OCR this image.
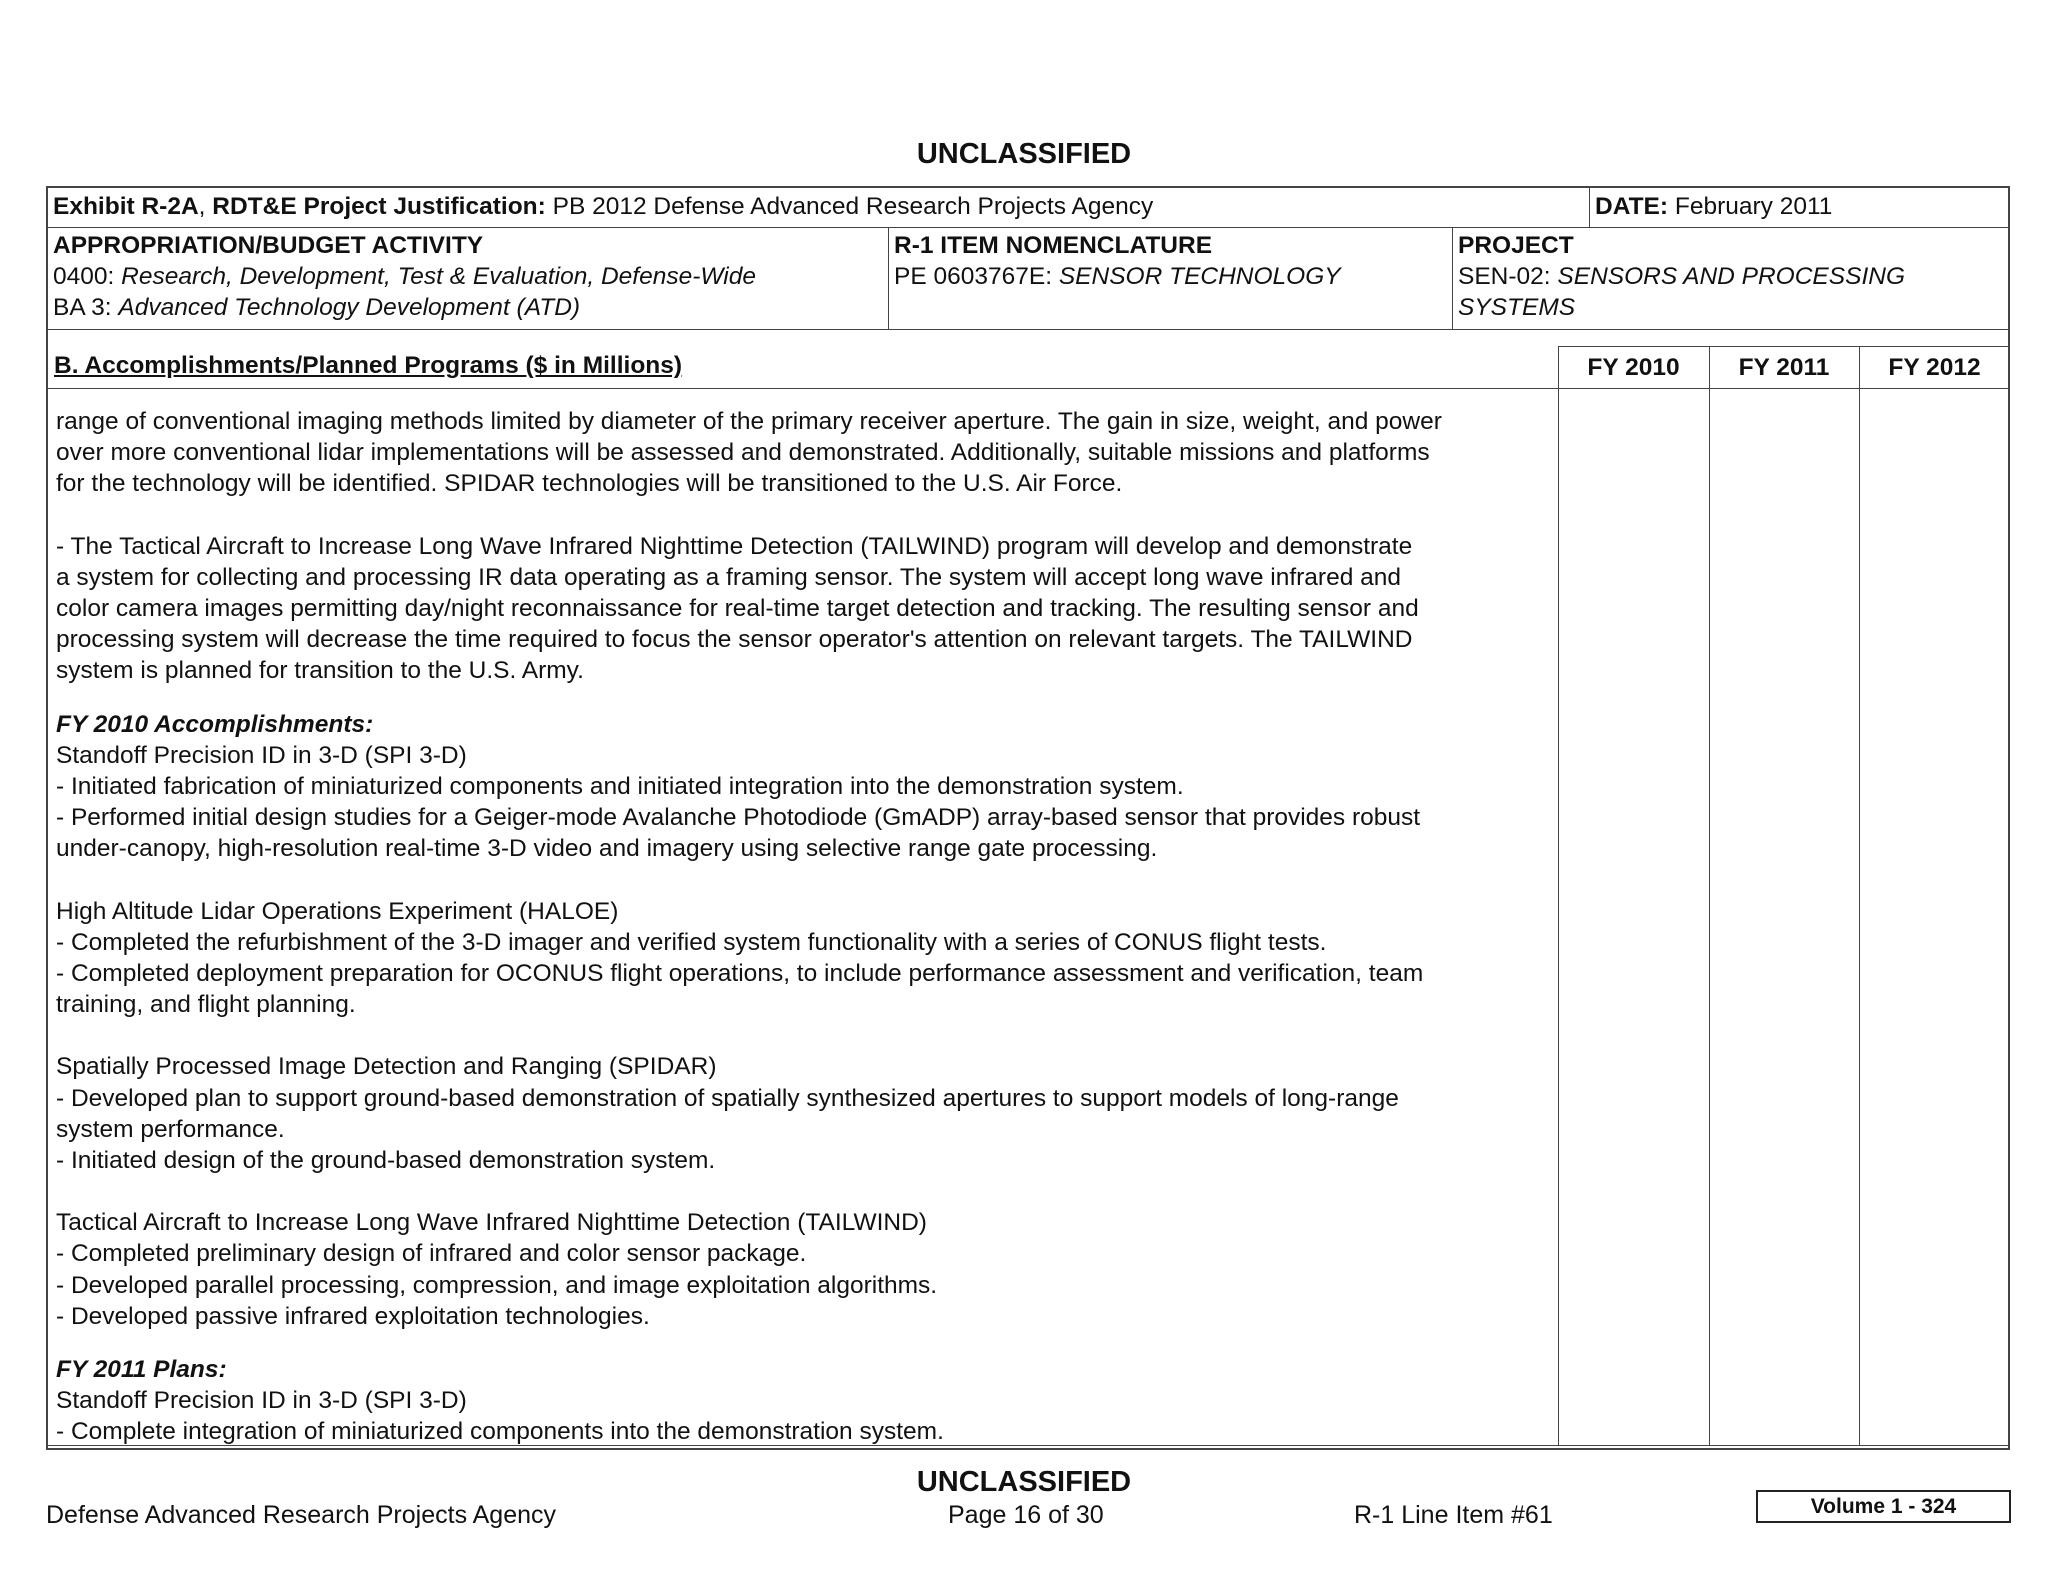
UNCLASSIFIED
Exhibit R-2A, RDT&E Project Justification: PB 2012 Defense Advanced Research Projects Agency	DATE: February 2011
APPROPRIATION/BUDGET ACTIVITY
0400: Research, Development, Test & Evaluation, Defense-Wide
BA 3: Advanced Technology Development (ATD)
R-1 ITEM NOMENCLATURE
PE 0603767E: SENSOR TECHNOLOGY
PROJECT
SEN-02: SENSORS AND PROCESSING
SYSTEMS
B. Accomplishments/Planned Programs ($ in Millions)	FY 2010	FY 2011	FY 2012

range of conventional imaging methods limited by diameter of the primary receiver aperture. The gain in size, weight, and power

over more conventional lidar implementations will be assessed and demonstrated. Additionally, suitable missions and platforms

for the technology will be identified. SPIDAR technologies will be transitioned to the U.S. Air Force.

- The Tactical Aircraft to Increase Long Wave Infrared Nighttime Detection (TAILWIND) program will develop and demonstrate

a system for collecting and processing IR data operating as a framing sensor. The system will accept long wave infrared and

color camera images permitting day/night reconnaissance for real-time target detection and tracking. The resulting sensor and

processing system will decrease the time required to focus the sensor operator's attention on relevant targets. The TAILWIND

system is planned for transition to the U.S. Army.

FY 2010 Accomplishments:

Standoff Precision ID in 3-D (SPI 3-D)

- Initiated fabrication of miniaturized components and initiated integration into the demonstration system.

- Performed initial design studies for a Geiger-mode Avalanche Photodiode (GmADP) array-based sensor that provides robust

under-canopy, high-resolution real-time 3-D video and imagery using selective range gate processing.

High Altitude Lidar Operations Experiment (HALOE)

- Completed the refurbishment of the 3-D imager and verified system functionality with a series of CONUS flight tests.

- Completed deployment preparation for OCONUS flight operations, to include performance assessment and verification, team

training, and flight planning.

Spatially Processed Image Detection and Ranging (SPIDAR)

- Developed plan to support ground-based demonstration of spatially synthesized apertures to support models of long-range

system performance.

- Initiated design of the ground-based demonstration system.

Tactical Aircraft to Increase Long Wave Infrared Nighttime Detection (TAILWIND)

- Completed preliminary design of infrared and color sensor package.

- Developed parallel processing, compression, and image exploitation algorithms.

- Developed passive infrared exploitation technologies.

FY 2011 Plans:

Standoff Precision ID in 3-D (SPI 3-D)

- Complete integration of miniaturized components into the demonstration system.

UNCLASSIFIED
Defense Advanced Research Projects Agency	Page 16 of 30	R-1 Line Item #61	Volume 1 - 324
